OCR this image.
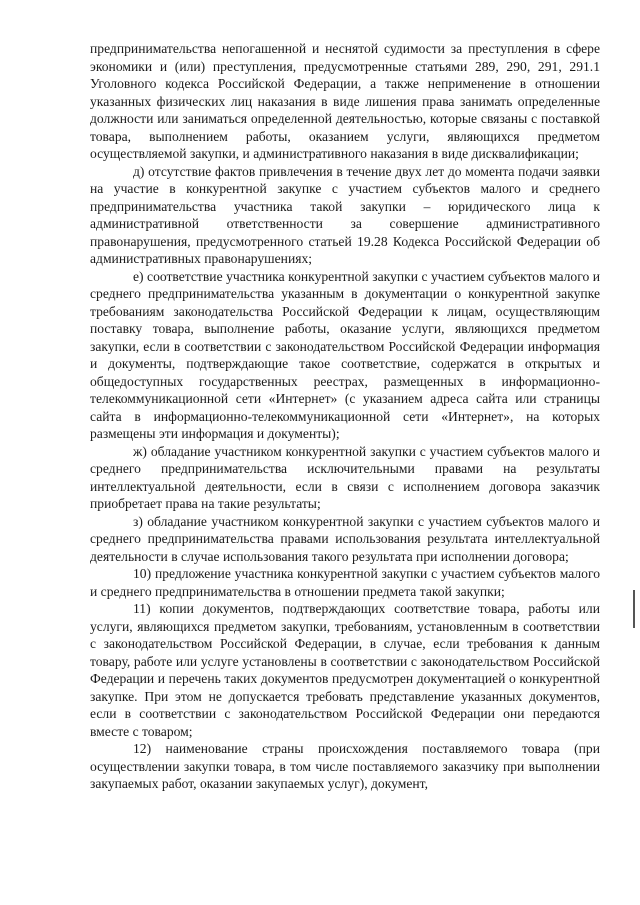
предпринимательства непогашенной и неснятой судимости за преступления в сфере экономики и (или) преступления, предусмотренные статьями 289, 290, 291, 291.1 Уголовного кодекса Российской Федерации, а также неприменение в отношении указанных физических лиц наказания в виде лишения права занимать определенные должности или заниматься определенной деятельностью, которые связаны с поставкой товара, выполнением работы, оказанием услуги, являющихся предметом осуществляемой закупки, и административного наказания в виде дисквалификации;

д) отсутствие фактов привлечения в течение двух лет до момента подачи заявки на участие в конкурентной закупке с участием субъектов малого и среднего предпринимательства участника такой закупки – юридического лица к административной ответственности за совершение административного правонарушения, предусмотренного статьей 19.28 Кодекса Российской Федерации об административных правонарушениях;

е) соответствие участника конкурентной закупки с участием субъектов малого и среднего предпринимательства указанным в документации о конкурентной закупке требованиям законодательства Российской Федерации к лицам, осуществляющим поставку товара, выполнение работы, оказание услуги, являющихся предметом закупки, если в соответствии с законодательством Российской Федерации информация и документы, подтверждающие такое соответствие, содержатся в открытых и общедоступных государственных реестрах, размещенных в информационно-телекоммуникационной сети «Интернет» (с указанием адреса сайта или страницы сайта в информационно-телекоммуникационной сети «Интернет», на которых размещены эти информация и документы);

ж) обладание участником конкурентной закупки с участием субъектов малого и среднего предпринимательства исключительными правами на результаты интеллектуальной деятельности, если в связи с исполнением договора заказчик приобретает права на такие результаты;

з) обладание участником конкурентной закупки с участием субъектов малого и среднего предпринимательства правами использования результата интеллектуальной деятельности в случае использования такого результата при исполнении договора;

10) предложение участника конкурентной закупки с участием субъектов малого и среднего предпринимательства в отношении предмета такой закупки;

11) копии документов, подтверждающих соответствие товара, работы или услуги, являющихся предметом закупки, требованиям, установленным в соответствии с законодательством Российской Федерации, в случае, если требования к данным товару, работе или услуге установлены в соответствии с законодательством Российской Федерации и перечень таких документов предусмотрен документацией о конкурентной закупке. При этом не допускается требовать представление указанных документов, если в соответствии с законодательством Российской Федерации они передаются вместе с товаром;

12) наименование страны происхождения поставляемого товара (при осуществлении закупки товара, в том числе поставляемого заказчику при выполнении закупаемых работ, оказании закупаемых услуг), документ,
